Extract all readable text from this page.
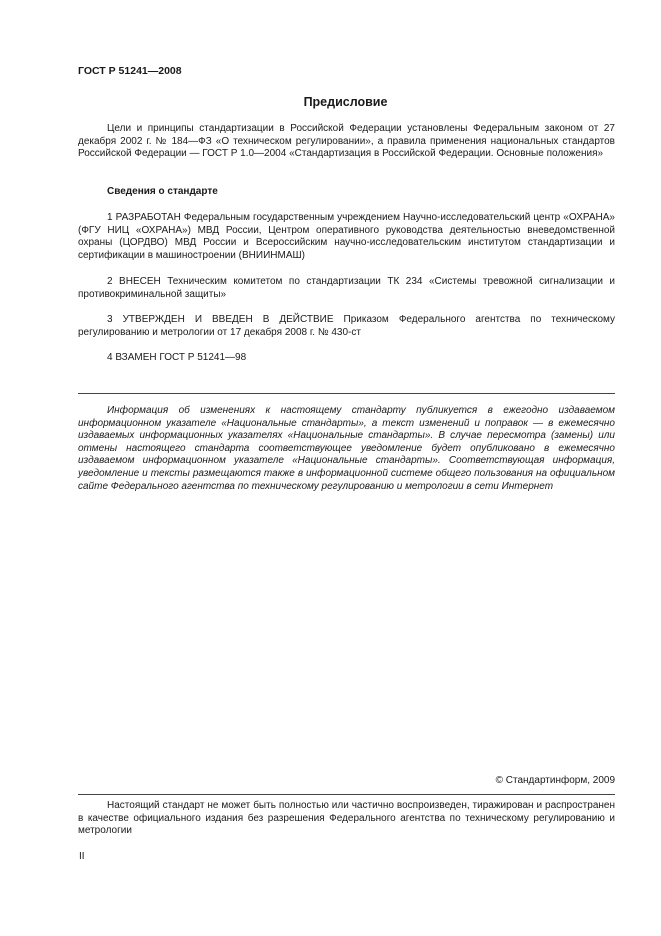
ГОСТ Р 51241—2008
Предисловие

Цели и принципы стандартизации в Российской Федерации установлены Федеральным законом от 27 декабря 2002 г. № 184—ФЗ «О техническом регулировании», а правила применения национальных стандартов Российской Федерации — ГОСТ Р 1.0—2004 «Стандартизация в Российской Федерации. Основные положения»

Сведения о стандарте

1 РАЗРАБОТАН Федеральным государственным учреждением Научно-исследовательский центр «ОХРАНА» (ФГУ НИЦ «ОХРАНА») МВД России, Центром оперативного руководства деятельностью вневедомственной охраны (ЦОРДВО) МВД России и Всероссийским научно-исследовательским институтом стандартизации и сертификации в машиностроении (ВНИИНМАШ)

2 ВНЕСЕН Техническим комитетом по стандартизации ТК 234 «Системы тревожной сигнализации и противокриминальной защиты»

3 УТВЕРЖДЕН И ВВЕДЕН В ДЕЙСТВИЕ Приказом Федерального агентства по техническому регулированию и метрологии от 17 декабря 2008 г. № 430-ст

4 ВЗАМЕН ГОСТ Р 51241—98

Информация об изменениях к настоящему стандарту публикуется в ежегодно издаваемом информационном указателе «Национальные стандарты», а текст изменений и поправок — в ежемесячно издаваемых информационных указателях «Национальные стандарты». В случае пересмотра (замены) или отмены настоящего стандарта соответствующее уведомление будет опубликовано в ежемесячно издаваемом информационном указателе «Национальные стандарты». Соответствующая информация, уведомление и тексты размещаются также в информационной системе общего пользования на официальном сайте Федерального агентства по техническому регулированию и метрологии в сети Интернет

© Стандартинформ, 2009

Настоящий стандарт не может быть полностью или частично воспроизведен, тиражирован и распространен в качестве официального издания без разрешения Федерального агентства по техническому регулированию и метрологии

II
